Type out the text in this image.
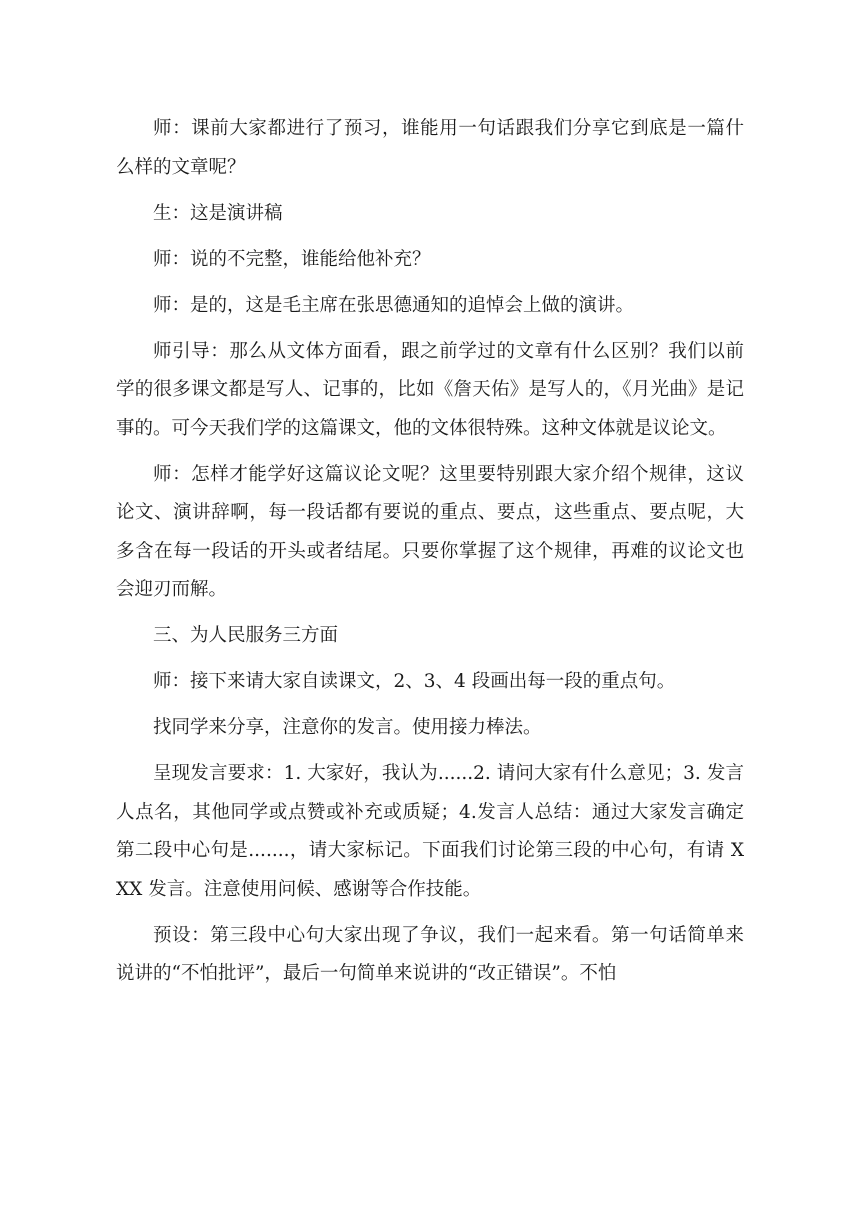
师：课前大家都进行了预习，谁能用一句话跟我们分享它到底是一篇什么样的文章呢？

生：这是演讲稿

师：说的不完整，谁能给他补充？

师：是的，这是毛主席在张思德通知的追悼会上做的演讲。

师引导：那么从文体方面看，跟之前学过的文章有什么区别？我们以前学的很多课文都是写人、记事的，比如《詹天佑》是写人的，《月光曲》是记事的。可今天我们学的这篇课文，他的文体很特殊。这种文体就是议论文。

师：怎样才能学好这篇议论文呢？这里要特别跟大家介绍个规律，这议论文、演讲辞啊，每一段话都有要说的重点、要点，这些重点、要点呢，大多含在每一段话的开头或者结尾。只要你掌握了这个规律，再难的议论文也会迎刃而解。

三、为人民服务三方面

师：接下来请大家自读课文，2、3、4 段画出每一段的重点句。

找同学来分享，注意你的发言。使用接力棒法。

呈现发言要求：1. 大家好，我认为......2. 请问大家有什么意见；3. 发言人点名，其他同学或点赞或补充或质疑；4.发言人总结：通过大家发言确定第二段中心句是.......，请大家标记。下面我们讨论第三段的中心句，有请 XXX 发言。注意使用问候、感谢等合作技能。

预设：第三段中心句大家出现了争议，我们一起来看。第一句话简单来说讲的“不怕批评”，最后一句简单来说讲的“改正错误”。不怕
